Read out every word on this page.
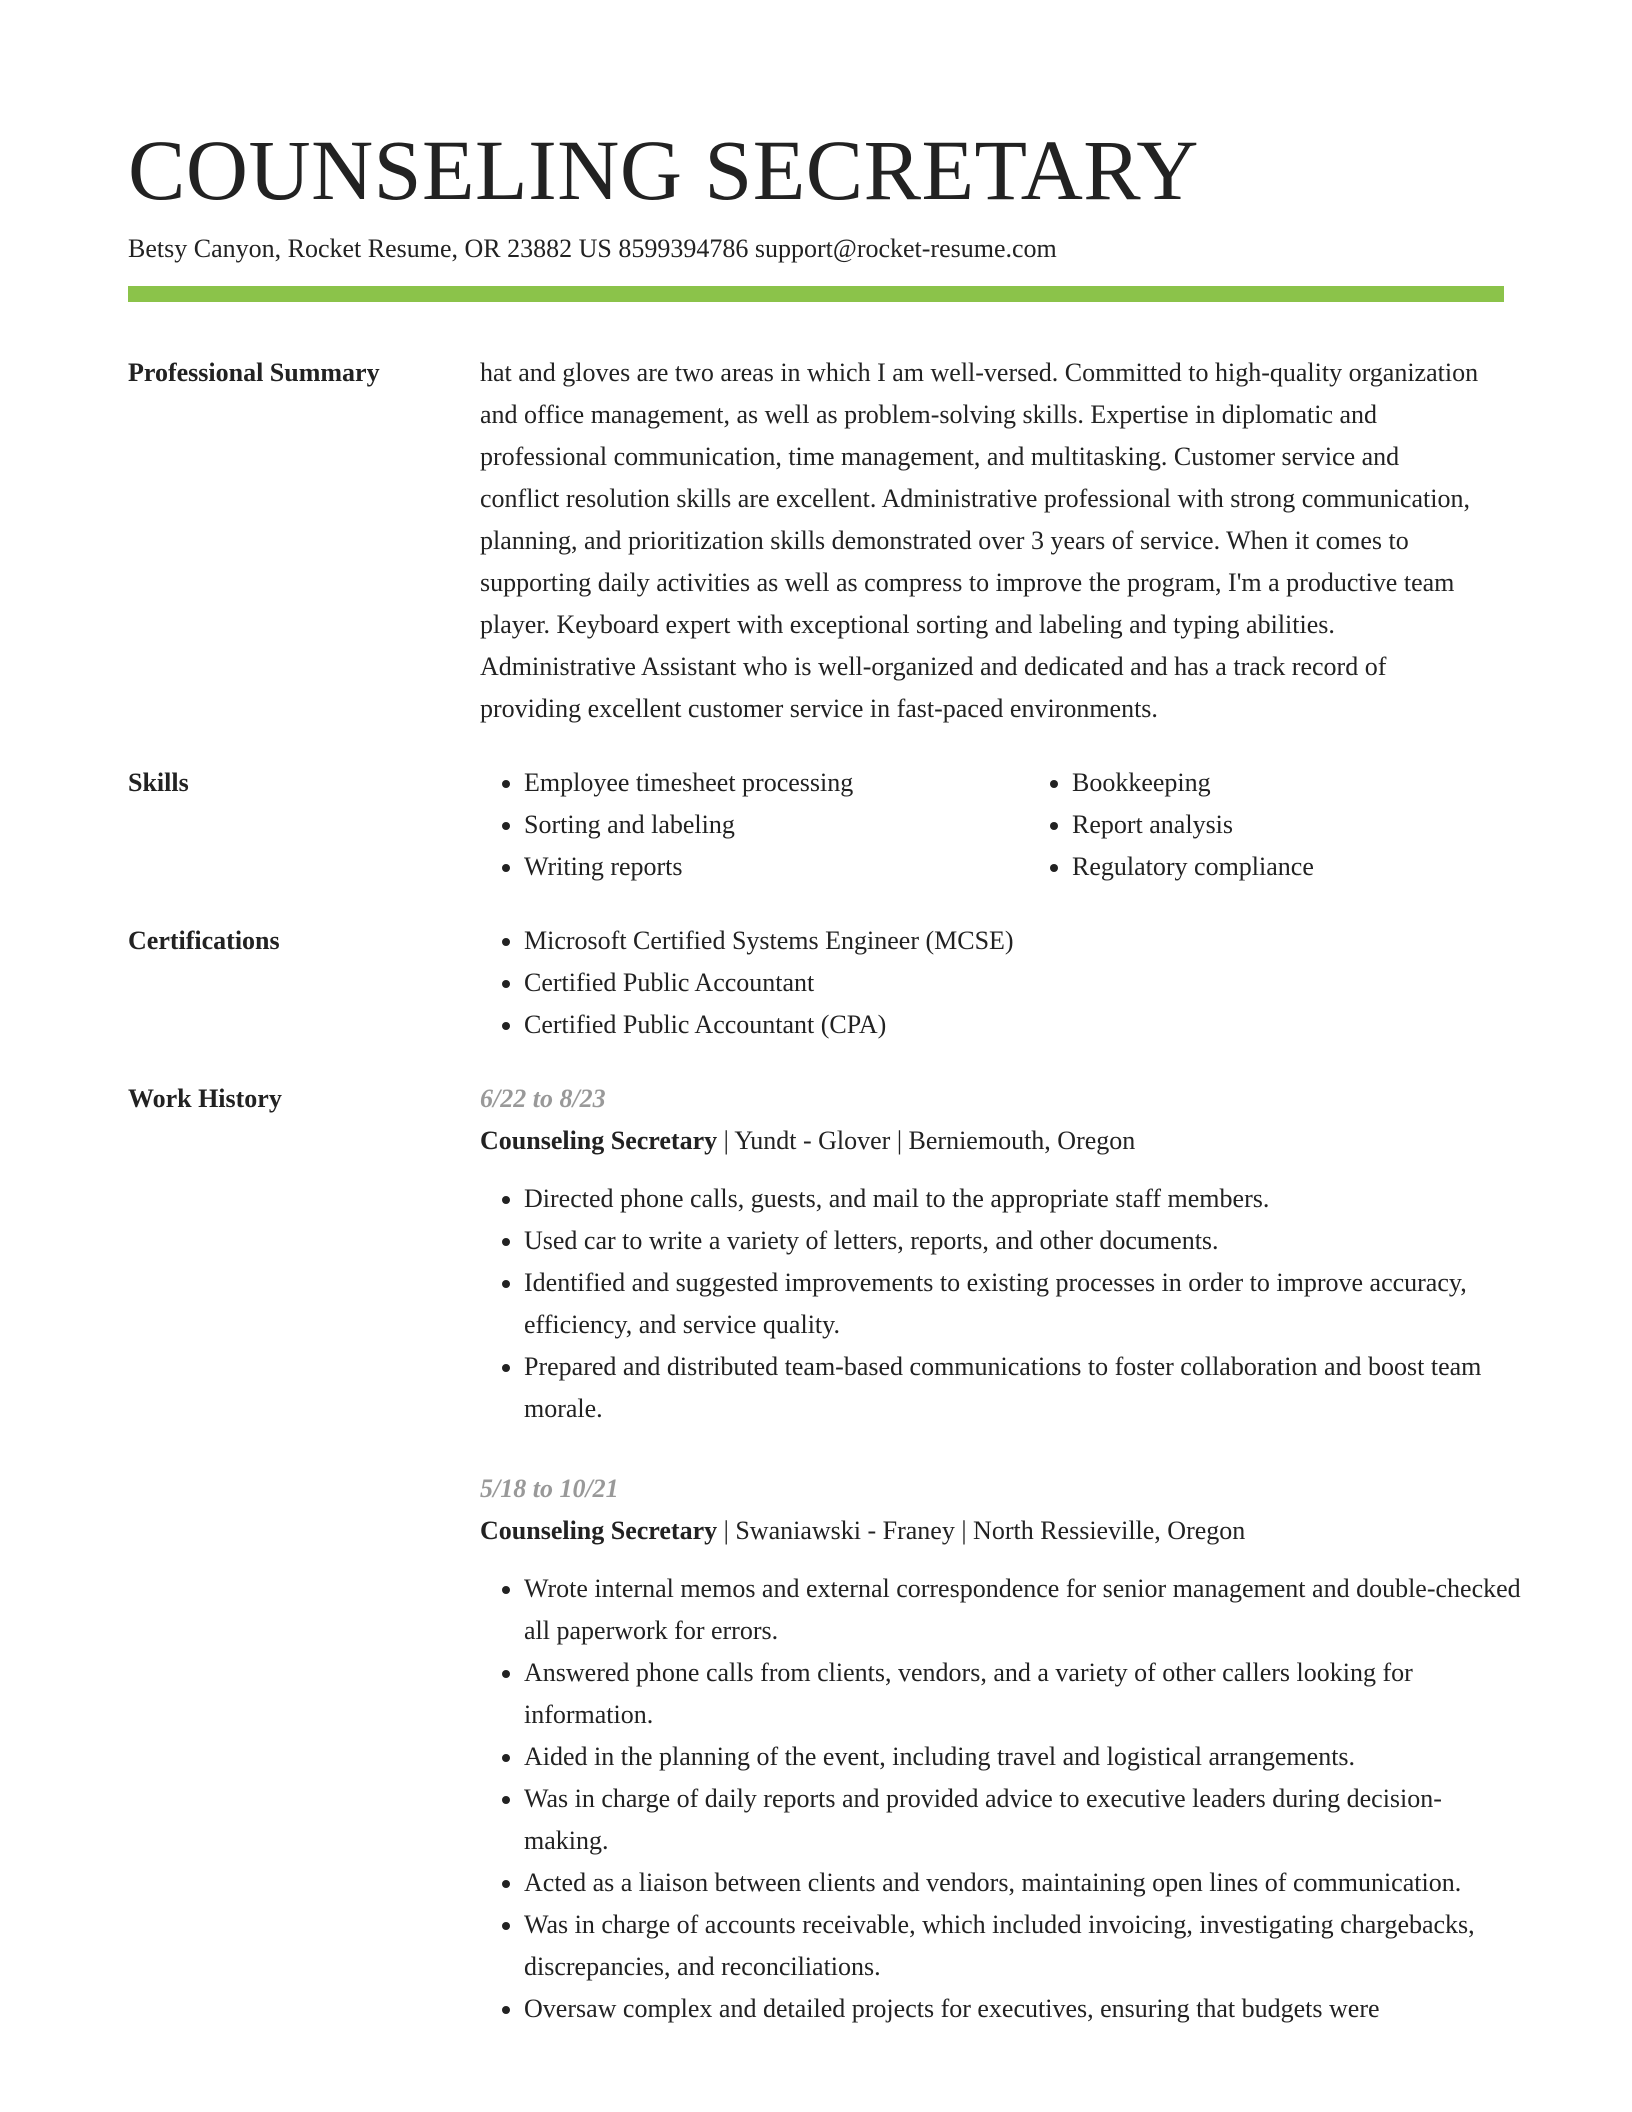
COUNSELING SECRETARY
Betsy Canyon, Rocket Resume, OR 23882 US 8599394786 support@rocket-resume.com
Professional Summary	hat and gloves are two areas in which I am well-versed. Committed to high-quality organization and office management, as well as problem-solving skills. Expertise in diplomatic and professional communication, time management, and multitasking. Customer service and conflict resolution skills are excellent. Administrative professional with strong communication, planning, and prioritization skills demonstrated over 3 years of service. When it comes to supporting daily activities as well as compress to improve the program, I'm a productive team player. Keyboard expert with exceptional sorting and labeling and typing abilities. Administrative Assistant who is well-organized and dedicated and has a track record of providing excellent customer service in fast-paced environments.

Skills	• Employee timesheet processing
• Sorting and labeling
• Writing reports
• Bookkeeping
• Report analysis
• Regulatory compliance
Certifications	• Microsoft Certified Systems Engineer (MCSE)
• Certified Public Accountant
• Certified Public Accountant (CPA)
Work History	6/22 to 8/23
Counseling Secretary | Yundt - Glover | Berniemouth, Oregon
• Directed phone calls, guests, and mail to the appropriate staff members.
• Used car to write a variety of letters, reports, and other documents.
• Identified and suggested improvements to existing processes in order to improve accuracy, efficiency, and service quality.
• Prepared and distributed team-based communications to foster collaboration and boost team morale.
5/18 to 10/21
Counseling Secretary | Swaniawski - Franey | North Ressieville, Oregon
• Wrote internal memos and external correspondence for senior management and double-checked all paperwork for errors.
• Answered phone calls from clients, vendors, and a variety of other callers looking for information.
• Aided in the planning of the event, including travel and logistical arrangements.
• Was in charge of daily reports and provided advice to executive leaders during decision-making.
• Acted as a liaison between clients and vendors, maintaining open lines of communication.
• Was in charge of accounts receivable, which included invoicing, investigating chargebacks, discrepancies, and reconciliations.
• Oversaw complex and detailed projects for executives, ensuring that budgets were
